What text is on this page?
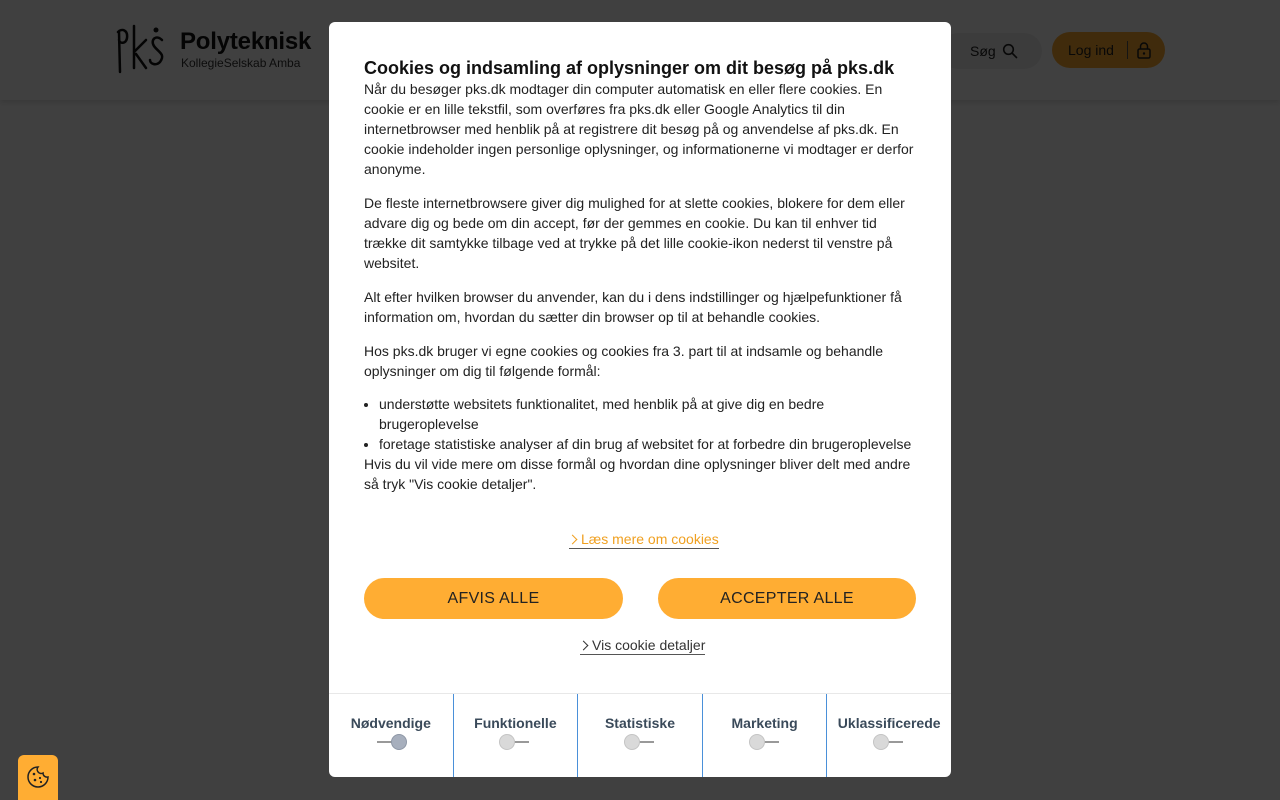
Cookies og indsamling af oplysninger om dit besøg på pks.dk

Når du besøger pks.dk modtager din computer automatisk en eller flere cookies. En cookie er en lille tekstfil, som overføres fra pks.dk eller Google Analytics til din internetbrowser med henblik på at registrere dit besøg på og anvendelse af pks.dk. En cookie indeholder ingen personlige oplysninger, og informationerne vi modtager er derfor anonyme.

De fleste internetbrowsere giver dig mulighed for at slette cookies, blokere for dem eller advare dig og bede om din accept, før der gemmes en cookie. Du kan til enhver tid trække dit samtykke tilbage ved at trykke på det lille cookie-ikon nederst til venstre på websitet.

Alt efter hvilken browser du anvender, kan du i dens indstillinger og hjælpefunktioner få information om, hvordan du sætter din browser op til at behandle cookies.

Hos pks.dk bruger vi egne cookies og cookies fra 3. part til at indsamle og behandle oplysninger om dig til følgende formål:

• understøtte websitets funktionalitet, med henblik på at give dig en bedre brugeroplevelse
• foretage statistiske analyser af din brug af websitet for at forbedre din brugeroplevelse

Hvis du vil vide mere om disse formål og hvordan dine oplysninger bliver delt med andre så tryk "Vis cookie detaljer".

Læs mere om cookies
AFVIS ALLE	ACCEPTER ALLE
Vis cookie detaljer
Nødvendige	Funktionelle	Statistiske	Marketing	Uklassificerede
